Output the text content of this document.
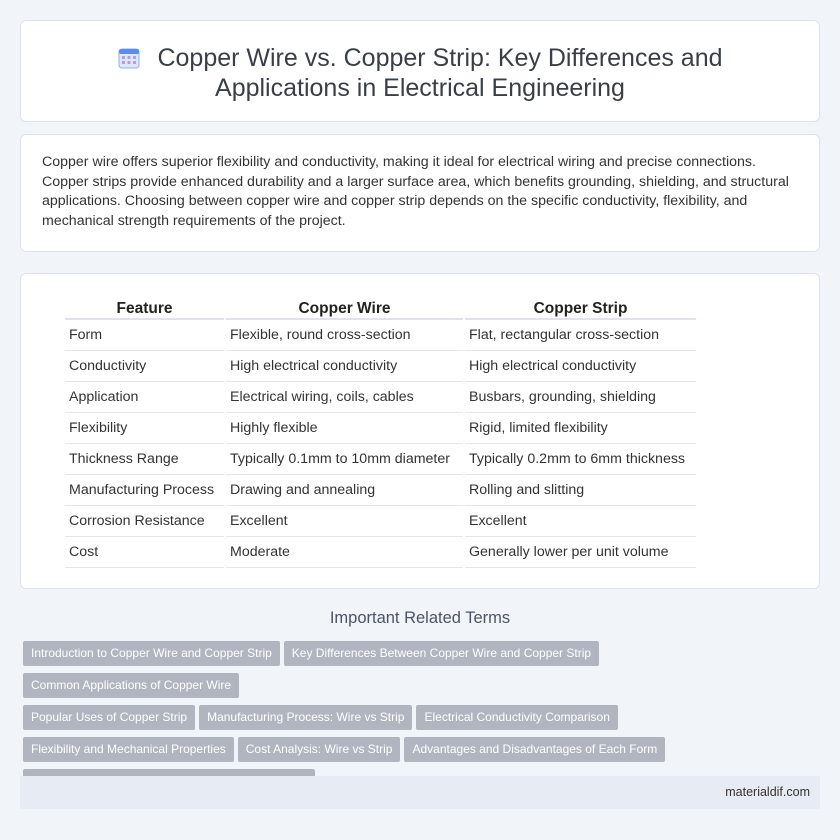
Copper Wire vs. Copper Strip: Key Differences and Applications in Electrical Engineering

Copper wire offers superior flexibility and conductivity, making it ideal for electrical wiring and precise connections. Copper strips provide enhanced durability and a larger surface area, which benefits grounding, shielding, and structural applications. Choosing between copper wire and copper strip depends on the specific conductivity, flexibility, and mechanical strength requirements of the project.

Feature	Copper Wire	Copper Strip
Form	Flexible, round cross-section	Flat, rectangular cross-section
Conductivity	High electrical conductivity	High electrical conductivity
Application	Electrical wiring, coils, cables	Busbars, grounding, shielding
Flexibility	Highly flexible	Rigid, limited flexibility
Thickness Range	Typically 0.1mm to 10mm diameter	Typically 0.2mm to 6mm thickness
Manufacturing Process	Drawing and annealing	Rolling and slitting
Corrosion Resistance	Excellent	Excellent
Cost	Moderate	Generally lower per unit volume
Important Related Terms
Introduction to Copper Wire and Copper Strip Key Differences Between Copper Wire and Copper StripCommon Applications of Copper Wire
Popular Uses of Copper Strip Manufacturing Process: Wire vs Strip Electrical Conductivity Comparison
Flexibility and Mechanical Properties Cost Analysis: Wire vs Strip Advantages and Disadvantages of Each Form

materialdif.com
